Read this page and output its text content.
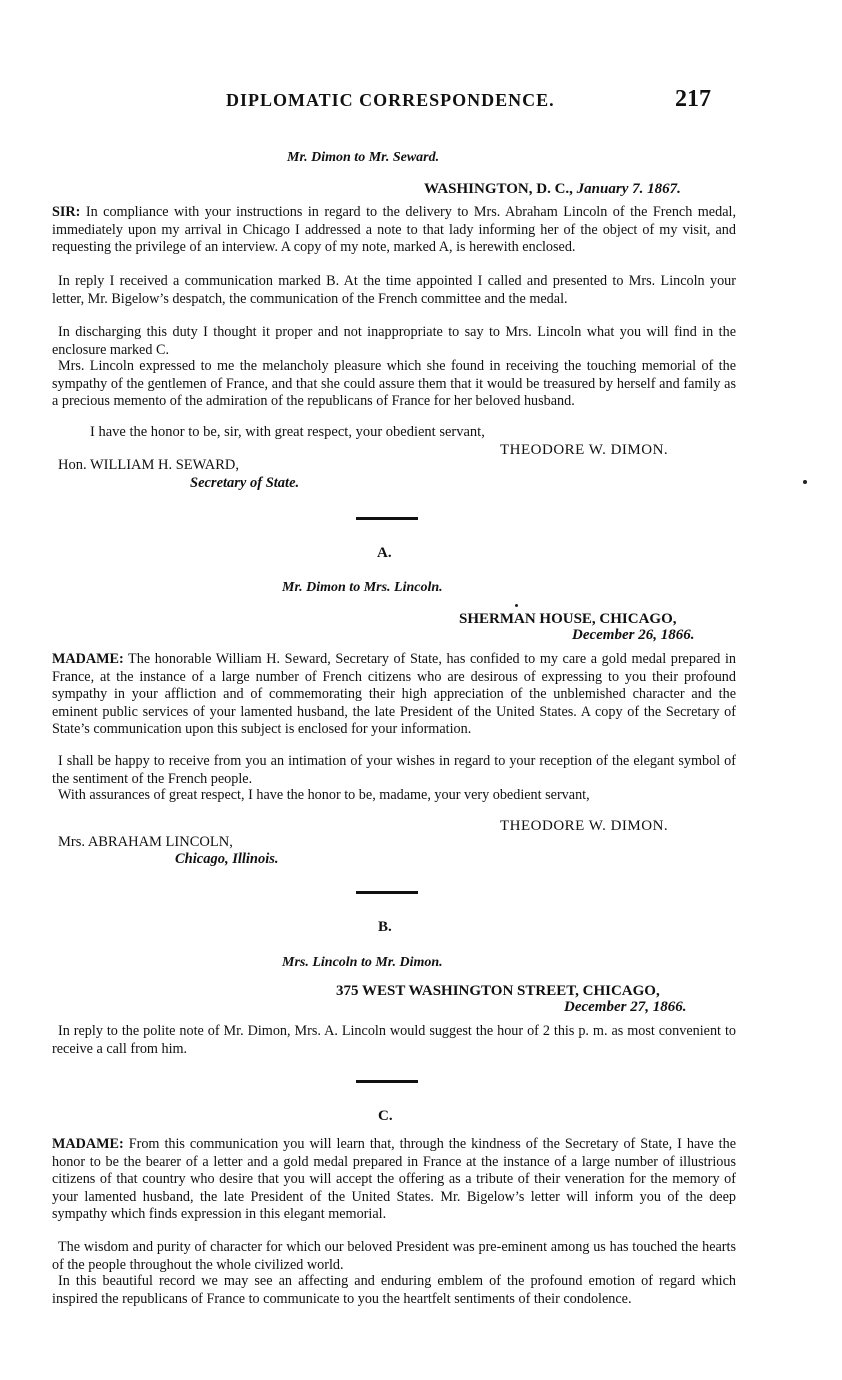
DIPLOMATIC CORRESPONDENCE.	217
Mr. Dimon to Mr. Seward.
WASHINGTON, D. C., January 7. 1867.
SIR: In compliance with your instructions in regard to the delivery to Mrs. Abraham Lincoln of the French medal, immediately upon my arrival in Chicago I addressed a note to that lady informing her of the object of my visit, and requesting the privilege of an interview. A copy of my note, marked A, is herewith enclosed.
In reply I received a communication marked B. At the time appointed I called and presented to Mrs. Lincoln your letter, Mr. Bigelow’s despatch, the communication of the French committee and the medal.
In discharging this duty I thought it proper and not inappropriate to say to Mrs. Lincoln what you will find in the enclosure marked C.
Mrs. Lincoln expressed to me the melancholy pleasure which she found in receiving the touching memorial of the sympathy of the gentlemen of France, and that she could assure them that it would be treasured by herself and family as a precious memento of the admiration of the republicans of France for her beloved husband.
I have the honor to be, sir, with great respect, your obedient servant,
THEODORE W. DIMON.
Hon. WILLIAM H. SEWARD,
Secretary of State.
A.
Mr. Dimon to Mrs. Lincoln.
SHERMAN HOUSE, CHICAGO,
December 26, 1866.
MADAME: The honorable William H. Seward, Secretary of State, has confided to my care a gold medal prepared in France, at the instance of a large number of French citizens who are desirous of expressing to you their profound sympathy in your affliction and of commemorating their high appreciation of the unblemished character and the eminent public services of your lamented husband, the late President of the United States. A copy of the Secretary of State’s communication upon this subject is enclosed for your information.
I shall be happy to receive from you an intimation of your wishes in regard to your reception of the elegant symbol of the sentiment of the French people.
With assurances of great respect, I have the honor to be, madame, your very obedient servant,
THEODORE W. DIMON.
Mrs. ABRAHAM LINCOLN,
Chicago, Illinois.
B.
Mrs. Lincoln to Mr. Dimon.
375 WEST WASHINGTON STREET, CHICAGO,
December 27, 1866.
In reply to the polite note of Mr. Dimon, Mrs. A. Lincoln would suggest the hour of 2 this p. m. as most convenient to receive a call from him.
C.
MADAME: From this communication you will learn that, through the kindness of the Secretary of State, I have the honor to be the bearer of a letter and a gold medal prepared in France at the instance of a large number of illustrious citizens of that country who desire that you will accept the offering as a tribute of their veneration for the memory of your lamented husband, the late President of the United States. Mr. Bigelow’s letter will inform you of the deep sympathy which finds expression in this elegant memorial.
The wisdom and purity of character for which our beloved President was pre-eminent among us has touched the hearts of the people throughout the whole civilized world.
In this beautiful record we may see an affecting and enduring emblem of the profound emotion of regard which inspired the republicans of France to communicate to you the heartfelt sentiments of their condolence.
